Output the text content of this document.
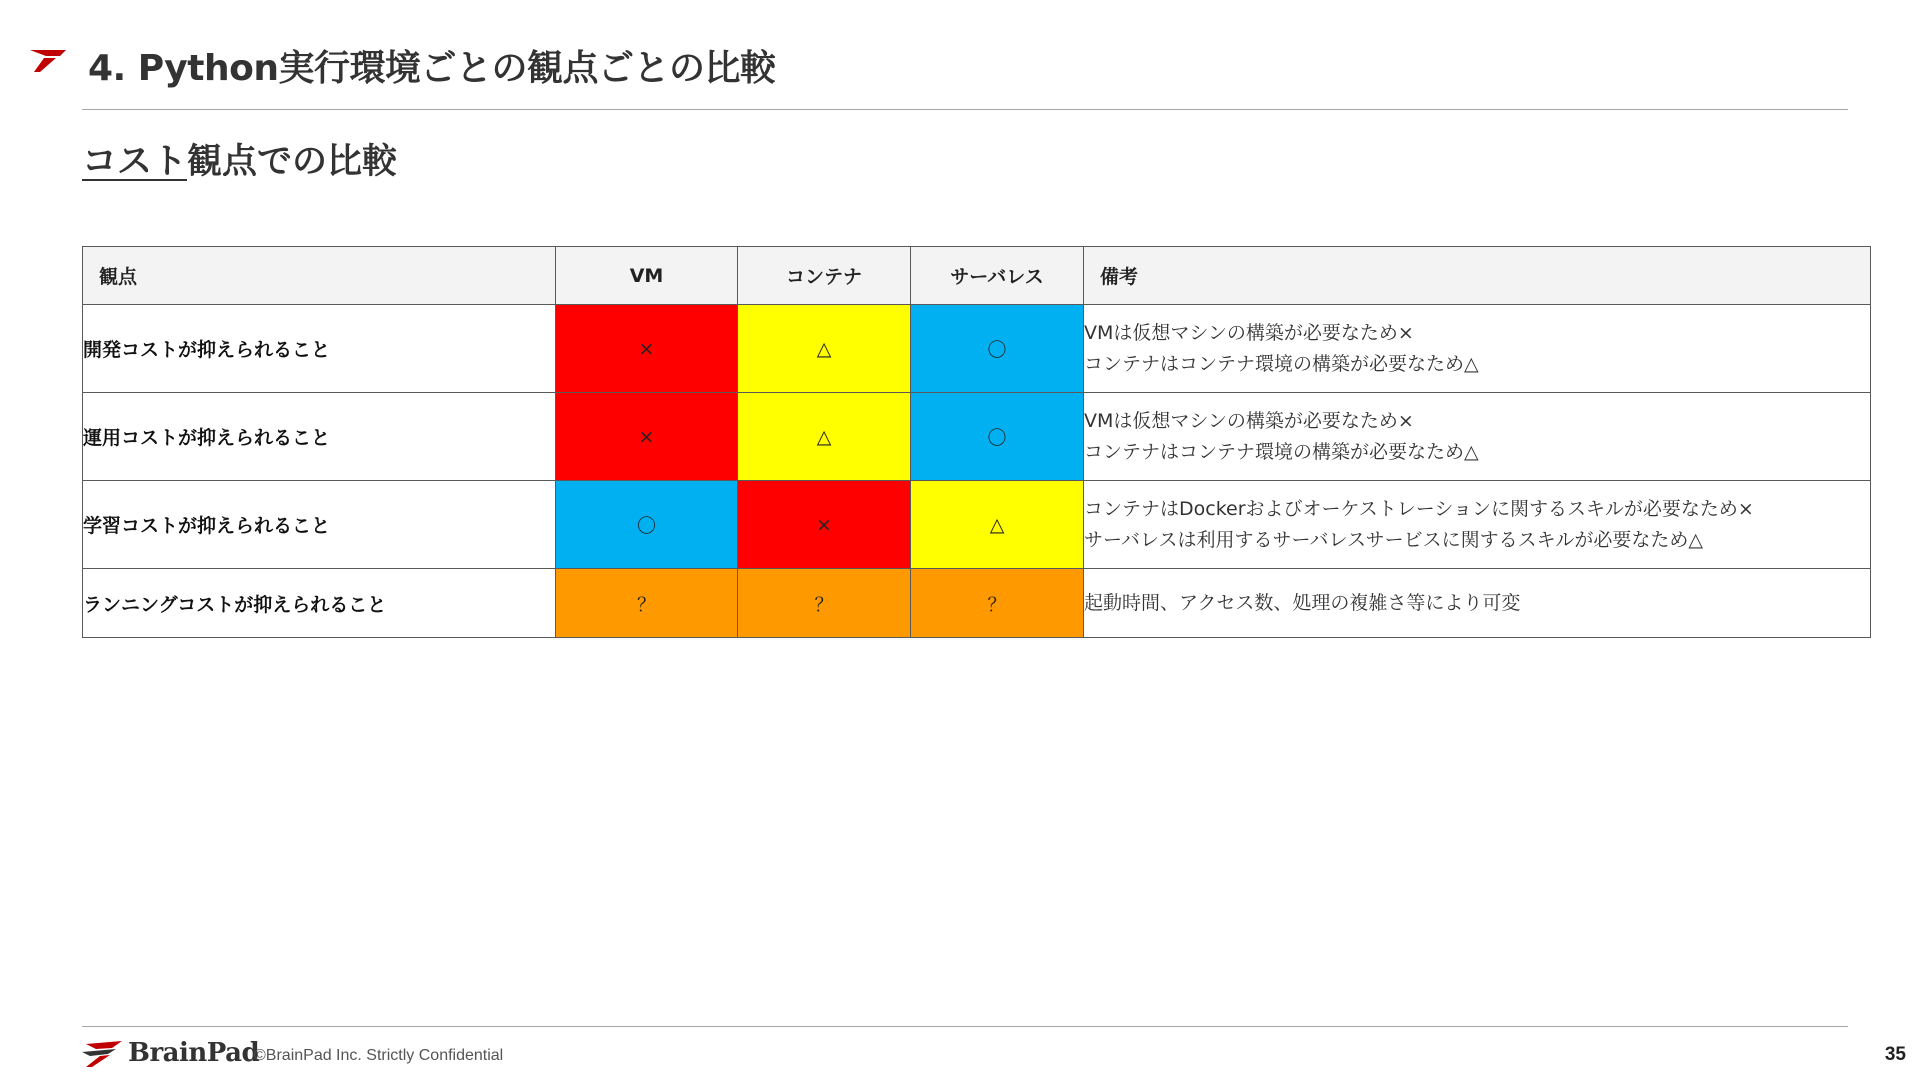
4. Python実行環境ごとの観点ごとの比較
コスト観点での比較
観点	VM	コンテナ	サーバレス	備考
開発コストが抑えられること	×	△	〇	VMは仮想マシンの構築が必要なため×
コンテナはコンテナ環境の構築が必要なため△

運用コストが抑えられること	×	△	〇	VMは仮想マシンの構築が必要なため×
コンテナはコンテナ環境の構築が必要なため△

学習コストが抑えられること	〇	×	△	コンテナはDockerおよびオーケストレーションに関するスキルが必要なため×
サーバレスは利用するサーバレスサービスに関するスキルが必要なため△

ランニングコストが抑えられること	？	？	？	起動時間、アクセス数、処理の複雑さ等により可変
BrainPad
©BrainPad Inc. Strictly Confidential	35
